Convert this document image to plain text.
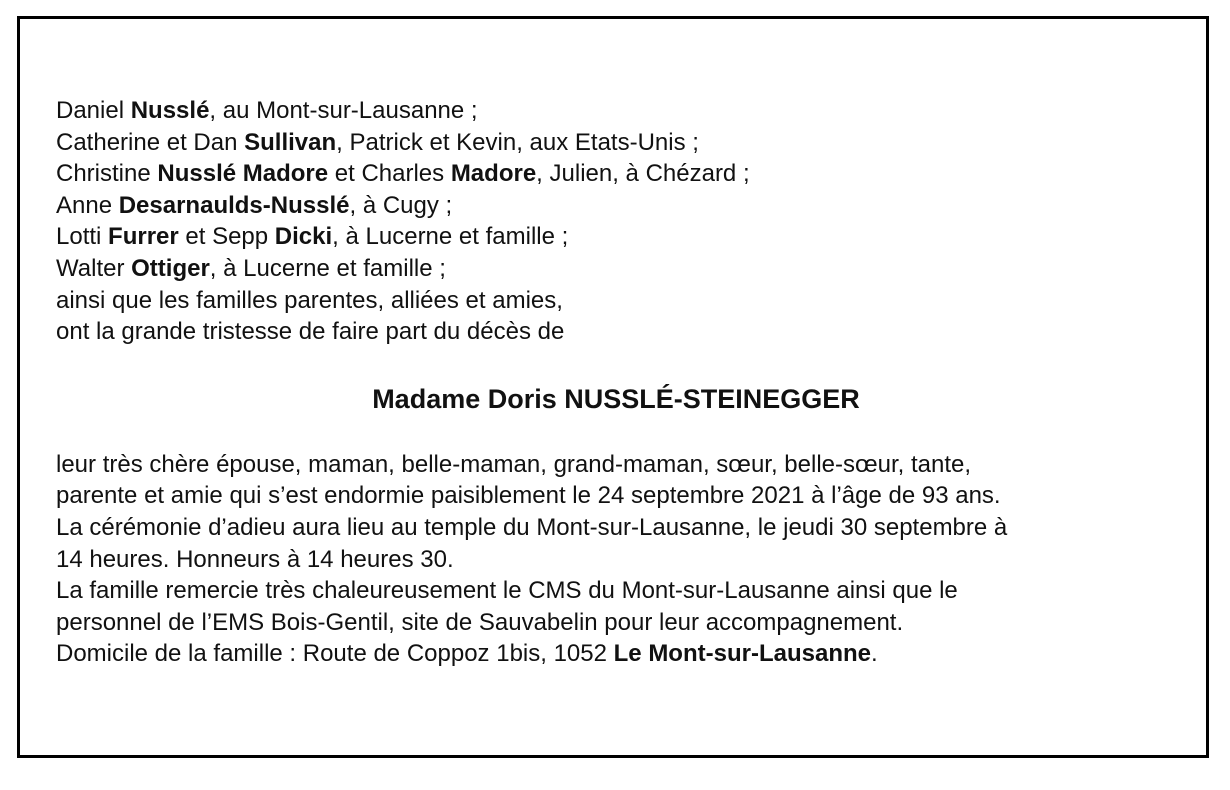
Daniel Nusslé, au Mont-sur-Lausanne ;
Catherine et Dan Sullivan, Patrick et Kevin, aux Etats-Unis ;
Christine Nusslé Madore et Charles Madore, Julien, à Chézard ;
Anne Desarnaulds-Nusslé, à Cugy ;
Lotti Furrer et Sepp Dicki, à Lucerne et famille ;
Walter Ottiger, à Lucerne et famille ;
ainsi que les familles parentes, alliées et amies,
ont la grande tristesse de faire part du décès de
Madame Doris NUSSLÉ-STEINEGGER
leur très chère épouse, maman, belle-maman, grand-maman, sœur, belle-sœur, tante,
parente et amie qui s’est endormie paisiblement le 24 septembre 2021 à l’âge de 93 ans.
La cérémonie d’adieu aura lieu au temple du Mont-sur-Lausanne, le jeudi 30 septembre à
14 heures. Honneurs à 14 heures 30.
La famille remercie très chaleureusement le CMS du Mont-sur-Lausanne ainsi que le
personnel de l’EMS Bois-Gentil, site de Sauvabelin pour leur accompagnement.
Domicile de la famille : Route de Coppoz 1bis, 1052 Le Mont-sur-Lausanne.
